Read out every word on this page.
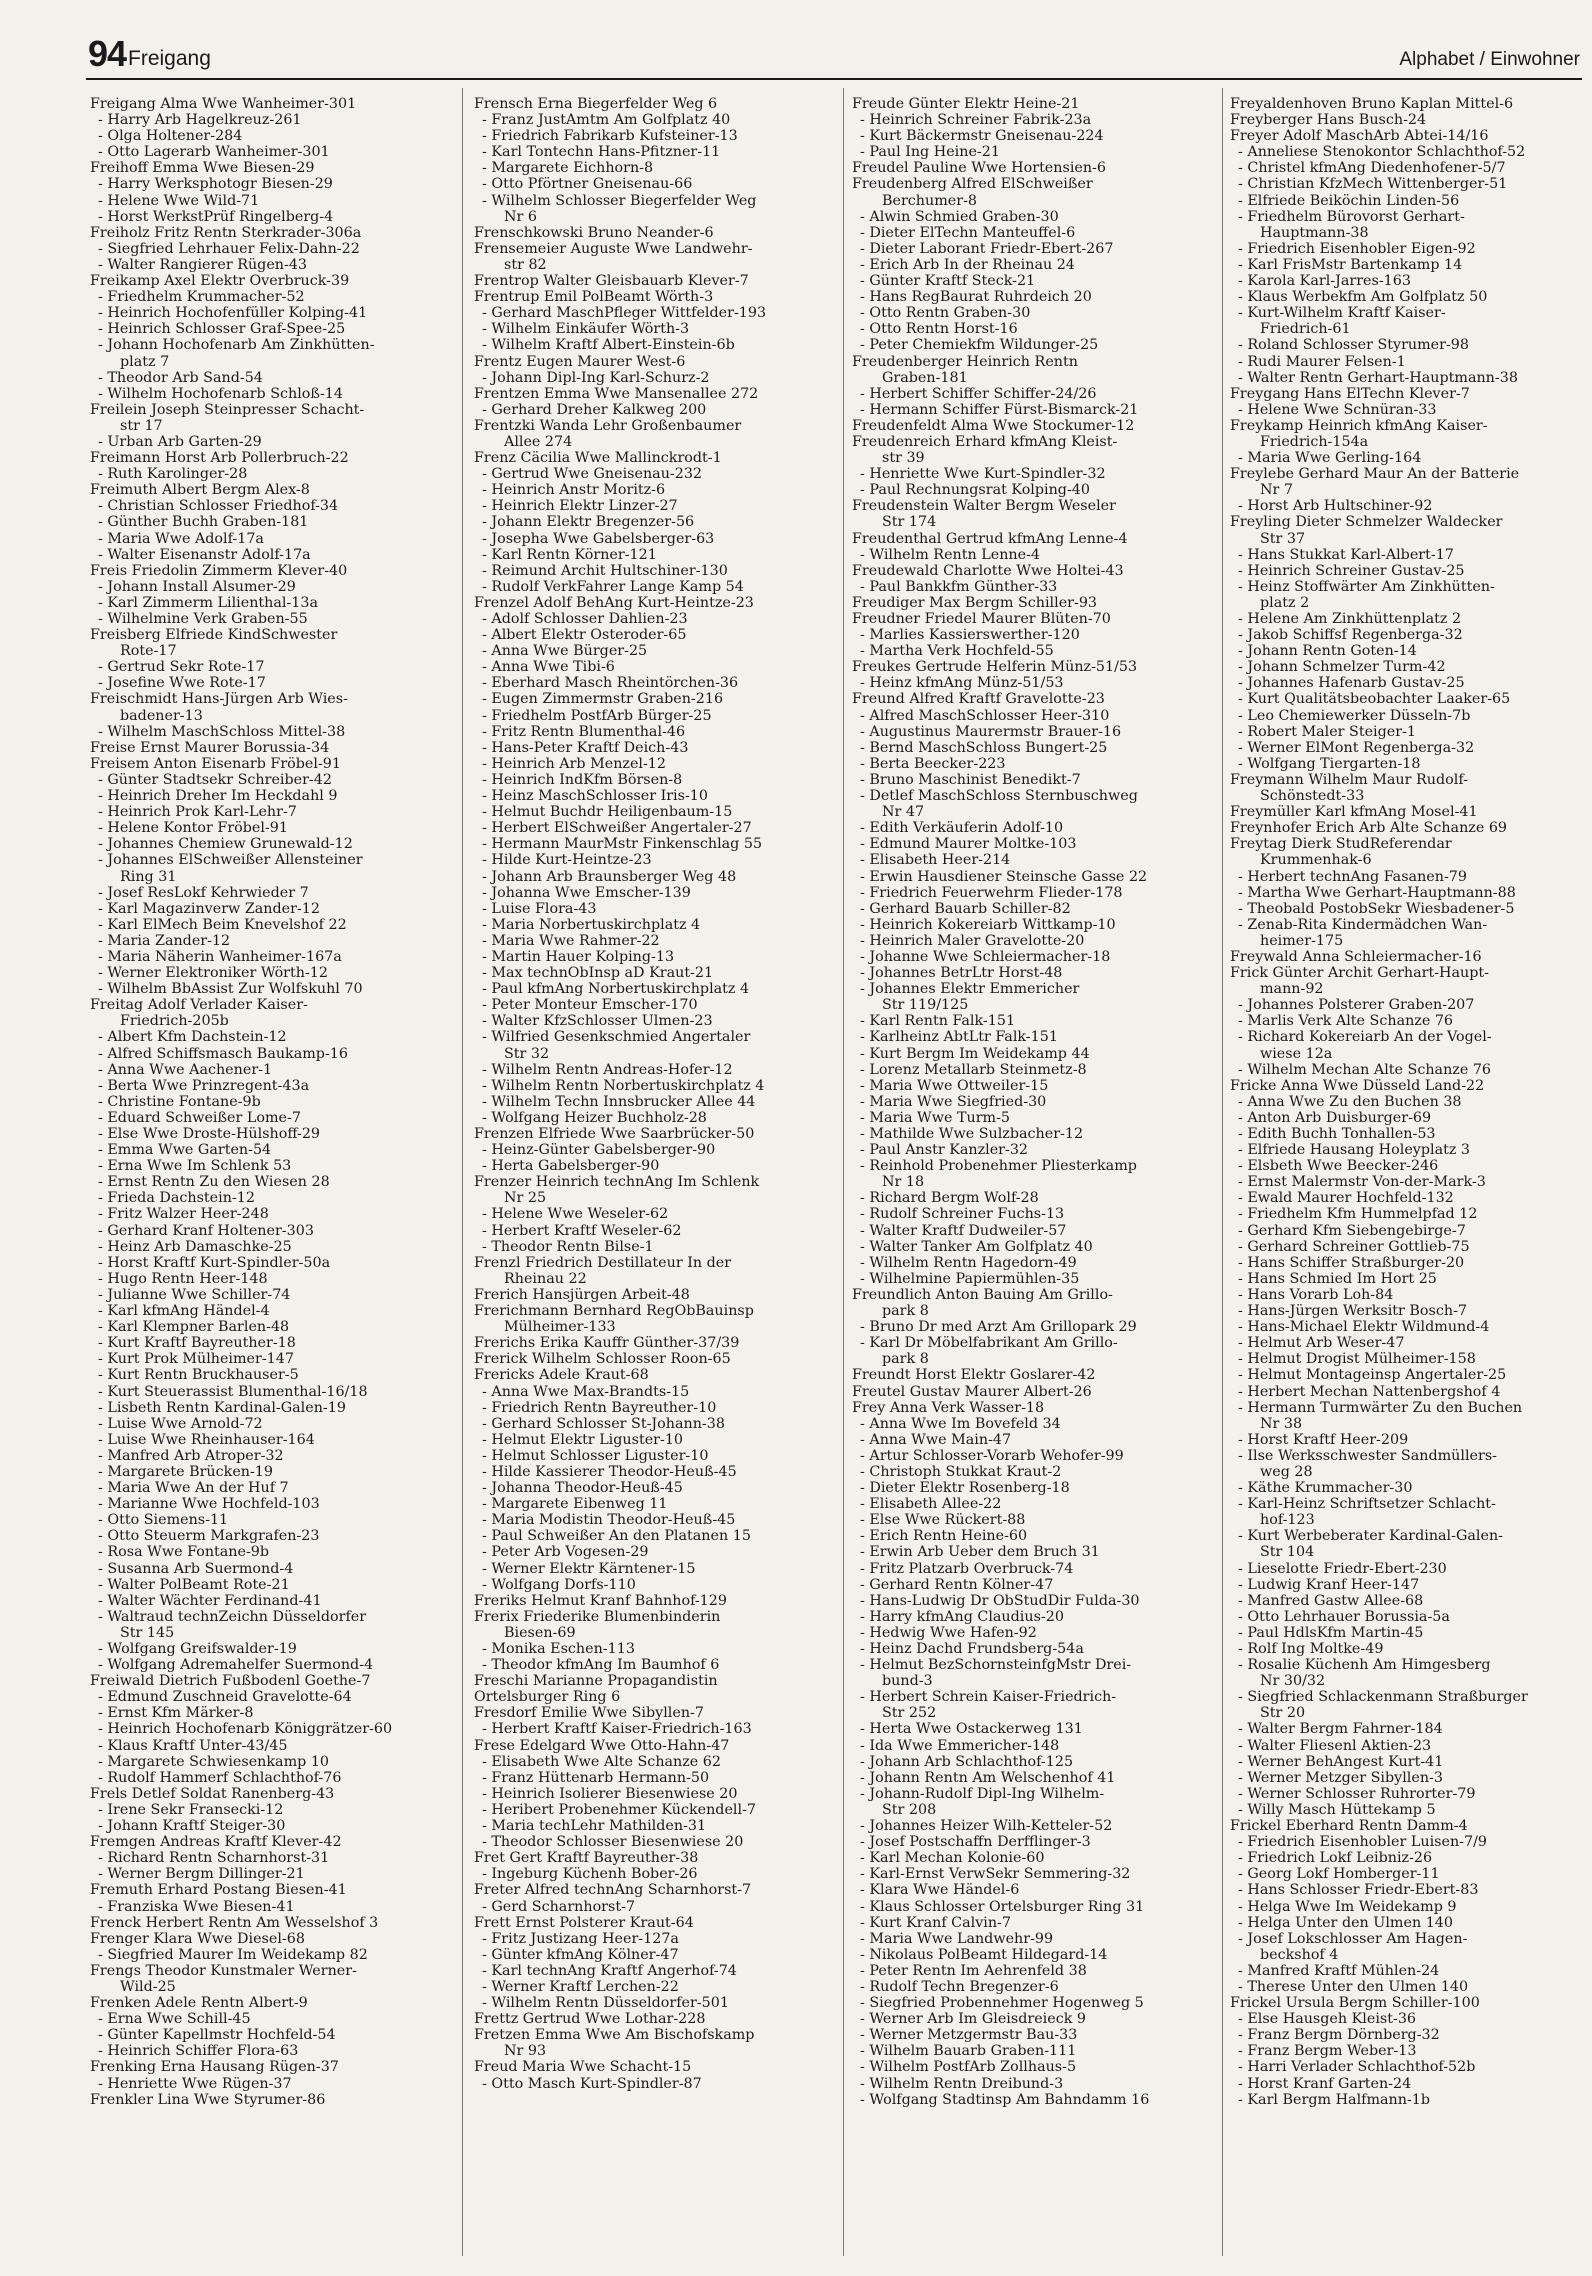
94 Freigang	Alphabet / Einwohner
Freigang Alma Wwe Wanheimer-301
- Harry Arb Hagelkreuz-261
- Olga Holtener-284
- Otto Lagerarb Wanheimer-301
Freihoff Emma Wwe Biesen-29
- Harry Werksphotogr Biesen-29
- Helene Wwe Wild-71
- Horst WerkstPrüf Ringelberg-4
Freiholz Fritz Rentn Sterkrader-306a
- Siegfried Lehrhauer Felix-Dahn-22
- Walter Rangierer Rügen-43
Freikamp Axel Elektr Overbruck-39
- Friedhelm Krummacher-52
- Heinrich Hochofenfüller Kolping-41
- Heinrich Schlosser Graf-Spee-25
- Johann Hochofenarb Am Zinkhütten-
platz 7
- Theodor Arb Sand-54
- Wilhelm Hochofenarb Schloß-14
Freilein Joseph Steinpresser Schacht-
str 17
- Urban Arb Garten-29
Freimann Horst Arb Pollerbruch-22
- Ruth Karolinger-28
Freimuth Albert Bergm Alex-8
- Christian Schlosser Friedhof-34
- Günther Buchh Graben-181
- Maria Wwe Adolf-17a
- Walter Eisenanstr Adolf-17a
Freis Friedolin Zimmerm Klever-40
- Johann Install Alsumer-29
- Karl Zimmerm Lilienthal-13a
- Wilhelmine Verk Graben-55
Freisberg Elfriede KindSchwester
Rote-17
- Gertrud Sekr Rote-17
- Josefine Wwe Rote-17
Freischmidt Hans-Jürgen Arb Wies-
badener-13
- Wilhelm MaschSchloss Mittel-38
Freise Ernst Maurer Borussia-34
Freisem Anton Eisenarb Fröbel-91
- Günter Stadtsekr Schreiber-42
- Heinrich Dreher Im Heckdahl 9
- Heinrich Prok Karl-Lehr-7
- Helene Kontor Fröbel-91
- Johannes Chemiew Grunewald-12
- Johannes ElSchweißer Allensteiner
Ring 31
- Josef ResLokf Kehrwieder 7
- Karl Magazinverw Zander-12
- Karl ElMech Beim Knevelshof 22
- Maria Zander-12
- Maria Näherin Wanheimer-167a
- Werner Elektroniker Wörth-12
- Wilhelm BbAssist Zur Wolfskuhl 70
Freitag Adolf Verlader Kaiser-
Friedrich-205b
- Albert Kfm Dachstein-12
- Alfred Schiffsmasch Baukamp-16
- Anna Wwe Aachener-1
- Berta Wwe Prinzregent-43a
- Christine Fontane-9b
- Eduard Schweißer Lome-7
- Else Wwe Droste-Hülshoff-29
- Emma Wwe Garten-54
- Erna Wwe Im Schlenk 53
- Ernst Rentn Zu den Wiesen 28
- Frieda Dachstein-12
- Fritz Walzer Heer-248
- Gerhard Kranf Holtener-303
- Heinz Arb Damaschke-25
- Horst Kraftf Kurt-Spindler-50a
- Hugo Rentn Heer-148
- Julianne Wwe Schiller-74
- Karl kfmAng Händel-4
- Karl Klempner Barlen-48
- Kurt Kraftf Bayreuther-18
- Kurt Prok Mülheimer-147
- Kurt Rentn Bruckhauser-5
- Kurt Steuerassist Blumenthal-16/18
- Lisbeth Rentn Kardinal-Galen-19
- Luise Wwe Arnold-72
- Luise Wwe Rheinhauser-164
- Manfred Arb Atroper-32
- Margarete Brücken-19
- Maria Wwe An der Huf 7
- Marianne Wwe Hochfeld-103
- Otto Siemens-11
- Otto Steuerm Markgrafen-23
- Rosa Wwe Fontane-9b
- Susanna Arb Suermond-4
- Walter PolBeamt Rote-21
- Walter Wächter Ferdinand-41
- Waltraud technZeichn Düsseldorfer
Str 145
- Wolfgang Greifswalder-19
- Wolfgang Adremahelfer Suermond-4
Freiwald Dietrich Fußbodenl Goethe-7
- Edmund Zuschneid Gravelotte-64
- Ernst Kfm Märker-8
- Heinrich Hochofenarb Königgrätzer-60
- Klaus Kraftf Unter-43/45
- Margarete Schwiesenkamp 10
- Rudolf Hammerf Schlachthof-76
Frels Detlef Soldat Ranenberg-43
- Irene Sekr Fransecki-12
- Johann Kraftf Steiger-30
Fremgen Andreas Kraftf Klever-42
- Richard Rentn Scharnhorst-31
- Werner Bergm Dillinger-21
Fremuth Erhard Postang Biesen-41
- Franziska Wwe Biesen-41
Frenck Herbert Rentn Am Wesselshof 3
Frenger Klara Wwe Diesel-68
- Siegfried Maurer Im Weidekamp 82
Frengs Theodor Kunstmaler Werner-
Wild-25
Frenken Adele Rentn Albert-9
- Erna Wwe Schill-45
- Günter Kapellmstr Hochfeld-54
- Heinrich Schiffer Flora-63
Frenking Erna Hausang Rügen-37
- Henriette Wwe Rügen-37
Frenkler Lina Wwe Styrumer-86
Frensch Erna Biegerfelder Weg 6
- Franz JustAmtm Am Golfplatz 40
- Friedrich Fabrikarb Kufsteiner-13
- Karl Tontechn Hans-Pfitzner-11
- Margarete Eichhorn-8
- Otto Pförtner Gneisenau-66
- Wilhelm Schlosser Biegerfelder Weg
Nr 6
Frenschkowski Bruno Neander-6
Frensemeier Auguste Wwe Landwehr-
str 82
Frentrop Walter Gleisbauarb Klever-7
Frentrup Emil PolBeamt Wörth-3
- Gerhard MaschPfleger Wittfelder-193
- Wilhelm Einkäufer Wörth-3
- Wilhelm Kraftf Albert-Einstein-6b
Frentz Eugen Maurer West-6
- Johann Dipl-Ing Karl-Schurz-2
Frentzen Emma Wwe Mansenallee 272
- Gerhard Dreher Kalkweg 200
Frentzki Wanda Lehr Großenbaumer
Allee 274
Frenz Cäcilia Wwe Mallinckrodt-1
- Gertrud Wwe Gneisenau-232
- Heinrich Anstr Moritz-6
- Heinrich Elektr Linzer-27
- Johann Elektr Bregenzer-56
- Josepha Wwe Gabelsberger-63
- Karl Rentn Körner-121
- Reimund Archit Hultschiner-130
- Rudolf VerkFahrer Lange Kamp 54
Frenzel Adolf BehAng Kurt-Heintze-23
- Adolf Schlosser Dahlien-23
- Albert Elektr Osteroder-65
- Anna Wwe Bürger-25
- Anna Wwe Tibi-6
- Eberhard Masch Rheintörchen-36
- Eugen Zimmermstr Graben-216
- Friedhelm PostfArb Bürger-25
- Fritz Rentn Blumenthal-46
- Hans-Peter Kraftf Deich-43
- Heinrich Arb Menzel-12
- Heinrich IndKfm Börsen-8
- Heinz MaschSchlosser Iris-10
- Helmut Buchdr Heiligenbaum-15
- Herbert ElSchweißer Angertaler-27
- Hermann MaurMstr Finkenschlag 55
- Hilde Kurt-Heintze-23
- Johann Arb Braunsberger Weg 48
- Johanna Wwe Emscher-139
- Luise Flora-43
- Maria Norbertuskirchplatz 4
- Maria Wwe Rahmer-22
- Martin Hauer Kolping-13
- Max technObInsp aD Kraut-21
- Paul kfmAng Norbertuskirchplatz 4
- Peter Monteur Emscher-170
- Walter KfzSchlosser Ulmen-23
- Wilfried Gesenkschmied Angertaler
Str 32
- Wilhelm Rentn Andreas-Hofer-12
- Wilhelm Rentn Norbertuskirchplatz 4
- Wilhelm Techn Innsbrucker Allee 44
- Wolfgang Heizer Buchholz-28
Frenzen Elfriede Wwe Saarbrücker-50
- Heinz-Günter Gabelsberger-90
- Herta Gabelsberger-90
Frenzer Heinrich technAng Im Schlenk
Nr 25
- Helene Wwe Weseler-62
- Herbert Kraftf Weseler-62
- Theodor Rentn Bilse-1
Frenzl Friedrich Destillateur In der
Rheinau 22
Frerich Hansjürgen Arbeit-48
Frerichmann Bernhard RegObBauinsp
Mülheimer-133
Frerichs Erika Kauffr Günther-37/39
Frerick Wilhelm Schlosser Roon-65
Frericks Adele Kraut-68
- Anna Wwe Max-Brandts-15
- Friedrich Rentn Bayreuther-10
- Gerhard Schlosser St-Johann-38
- Helmut Elektr Liguster-10
- Helmut Schlosser Liguster-10
- Hilde Kassierer Theodor-Heuß-45
- Johanna Theodor-Heuß-45
- Margarete Eibenweg 11
- Maria Modistin Theodor-Heuß-45
- Paul Schweißer An den Platanen 15
- Peter Arb Vogesen-29
- Werner Elektr Kärntener-15
- Wolfgang Dorfs-110
Freriks Helmut Kranf Bahnhof-129
Frerix Friederike Blumenbinderin
Biesen-69
- Monika Eschen-113
- Theodor kfmAng Im Baumhof 6
Freschi Marianne Propagandistin
Ortelsburger Ring 6
Fresdorf Emilie Wwe Sibyllen-7
- Herbert Kraftf Kaiser-Friedrich-163
Frese Edelgard Wwe Otto-Hahn-47
- Elisabeth Wwe Alte Schanze 62
- Franz Hüttenarb Hermann-50
- Heinrich Isolierer Biesenwiese 20
- Heribert Probenehmer Kückendell-7
- Maria techLehr Mathilden-31
- Theodor Schlosser Biesenwiese 20
Fret Gert Kraftf Bayreuther-38
- Ingeburg Küchenh Bober-26
Freter Alfred technAng Scharnhorst-7
- Gerd Scharnhorst-7
Frett Ernst Polsterer Kraut-64
- Fritz Justizang Heer-127a
- Günter kfmAng Kölner-47
- Karl technAng Kraftf Angerhof-74
- Werner Kraftf Lerchen-22
- Wilhelm Rentn Düsseldorfer-501
Frettz Gertrud Wwe Lothar-228
Fretzen Emma Wwe Am Bischofskamp
Nr 93
Freud Maria Wwe Schacht-15
- Otto Masch Kurt-Spindler-87
Freude Günter Elektr Heine-21
- Heinrich Schreiner Fabrik-23a
- Kurt Bäckermstr Gneisenau-224
- Paul Ing Heine-21
Freudel Pauline Wwe Hortensien-6
Freudenberg Alfred ElSchweißer
Berchumer-8
- Alwin Schmied Graben-30
- Dieter ElTechn Manteuffel-6
- Dieter Laborant Friedr-Ebert-267
- Erich Arb In der Rheinau 24
- Günter Kraftf Steck-21
- Hans RegBaurat Ruhrdeich 20
- Otto Rentn Graben-30
- Otto Rentn Horst-16
- Peter Chemiekfm Wildunger-25
Freudenberger Heinrich Rentn
Graben-181
- Herbert Schiffer Schiffer-24/26
- Hermann Schiffer Fürst-Bismarck-21
Freudenfeldt Alma Wwe Stockumer-12
Freudenreich Erhard kfmAng Kleist-
str 39
- Henriette Wwe Kurt-Spindler-32
- Paul Rechnungsrat Kolping-40
Freudenstein Walter Bergm Weseler
Str 174
Freudenthal Gertrud kfmAng Lenne-4
- Wilhelm Rentn Lenne-4
Freudewald Charlotte Wwe Holtei-43
- Paul Bankkfm Günther-33
Freudiger Max Bergm Schiller-93
Freudner Friedel Maurer Blüten-70
- Marlies Kassierswerther-120
- Martha Verk Hochfeld-55
Freukes Gertrude Helferin Münz-51/53
- Heinz kfmAng Münz-51/53
Freund Alfred Kraftf Gravelotte-23
- Alfred MaschSchlosser Heer-310
- Augustinus Maurermstr Brauer-16
- Bernd MaschSchloss Bungert-25
- Berta Beecker-223
- Bruno Maschinist Benedikt-7
- Detlef MaschSchloss Sternbuschweg
Nr 47
- Edith Verkäuferin Adolf-10
- Edmund Maurer Moltke-103
- Elisabeth Heer-214
- Erwin Hausdiener Steinsche Gasse 22
- Friedrich Feuerwehrm Flieder-178
- Gerhard Bauarb Schiller-82
- Heinrich Kokereiarb Wittkamp-10
- Heinrich Maler Gravelotte-20
- Johanne Wwe Schleiermacher-18
- Johannes BetrLtr Horst-48
- Johannes Elektr Emmericher
Str 119/125
- Karl Rentn Falk-151
- Karlheinz AbtLtr Falk-151
- Kurt Bergm Im Weidekamp 44
- Lorenz Metallarb Steinmetz-8
- Maria Wwe Ottweiler-15
- Maria Wwe Siegfried-30
- Maria Wwe Turm-5
- Mathilde Wwe Sulzbacher-12
- Paul Anstr Kanzler-32
- Reinhold Probenehmer Pliesterkamp
Nr 18
- Richard Bergm Wolf-28
- Rudolf Schreiner Fuchs-13
- Walter Kraftf Dudweiler-57
- Walter Tanker Am Golfplatz 40
- Wilhelm Rentn Hagedorn-49
- Wilhelmine Papiermühlen-35
Freundlich Anton Bauing Am Grillo-
park 8
- Bruno Dr med Arzt Am Grillopark 29
- Karl Dr Möbelfabrikant Am Grillo-
park 8
Freundt Horst Elektr Goslarer-42
Freutel Gustav Maurer Albert-26
Frey Anna Verk Wasser-18
- Anna Wwe Im Bovefeld 34
- Anna Wwe Main-47
- Artur Schlosser-Vorarb Wehofer-99
- Christoph Stukkat Kraut-2
- Dieter Elektr Rosenberg-18
- Elisabeth Allee-22
- Else Wwe Rückert-88
- Erich Rentn Heine-60
- Erwin Arb Ueber dem Bruch 31
- Fritz Platzarb Overbruck-74
- Gerhard Rentn Kölner-47
- Hans-Ludwig Dr ObStudDir Fulda-30
- Harry kfmAng Claudius-20
- Hedwig Wwe Hafen-92
- Heinz Dachd Frundsberg-54a
- Helmut BezSchornsteinfgMstr Drei-
bund-3
- Herbert Schrein Kaiser-Friedrich-
Str 252
- Herta Wwe Ostackerweg 131
- Ida Wwe Emmericher-148
- Johann Arb Schlachthof-125
- Johann Rentn Am Welschenhof 41
- Johann-Rudolf Dipl-Ing Wilhelm-
Str 208
- Johannes Heizer Wilh-Ketteler-52
- Josef Postschaffn Derfflinger-3
- Karl Mechan Kolonie-60
- Karl-Ernst VerwSekr Semmering-32
- Klara Wwe Händel-6
- Klaus Schlosser Ortelsburger Ring 31
- Kurt Kranf Calvin-7
- Maria Wwe Landwehr-99
- Nikolaus PolBeamt Hildegard-14
- Peter Rentn Im Aehrenfeld 38
- Rudolf Techn Bregenzer-6
- Siegfried Probennehmer Hogenweg 5
- Werner Arb Im Gleisdreieck 9
- Werner Metzgermstr Bau-33
- Wilhelm Bauarb Graben-111
- Wilhelm PostfArb Zollhaus-5
- Wilhelm Rentn Dreibund-3
- Wolfgang Stadtinsp Am Bahndamm 16
Freyaldenhoven Bruno Kaplan Mittel-6
Freyberger Hans Busch-24
Freyer Adolf MaschArb Abtei-14/16
- Anneliese Stenokontor Schlachthof-52
- Christel kfmAng Diedenhofener-5/7
- Christian KfzMech Wittenberger-51
- Elfriede Beiköchin Linden-56
- Friedhelm Bürovorst Gerhart-
Hauptmann-38
- Friedrich Eisenhobler Eigen-92
- Karl FrisMstr Bartenkamp 14
- Karola Karl-Jarres-163
- Klaus Werbekfm Am Golfplatz 50
- Kurt-Wilhelm Kraftf Kaiser-
Friedrich-61
- Roland Schlosser Styrumer-98
- Rudi Maurer Felsen-1
- Walter Rentn Gerhart-Hauptmann-38
Freygang Hans ElTechn Klever-7
- Helene Wwe Schnüran-33
Freykamp Heinrich kfmAng Kaiser-
Friedrich-154a
- Maria Wwe Gerling-164
Freylebe Gerhard Maur An der Batterie
Nr 7
- Horst Arb Hultschiner-92
Freyling Dieter Schmelzer Waldecker
Str 37
- Hans Stukkat Karl-Albert-17
- Heinrich Schreiner Gustav-25
- Heinz Stoffwärter Am Zinkhütten-
platz 2
- Helene Am Zinkhüttenplatz 2
- Jakob Schiffsf Regenberga-32
- Johann Rentn Goten-14
- Johann Schmelzer Turm-42
- Johannes Hafenarb Gustav-25
- Kurt Qualitätsbeobachter Laaker-65
- Leo Chemiewerker Düsseln-7b
- Robert Maler Steiger-1
- Werner ElMont Regenberga-32
- Wolfgang Tiergarten-18
Freymann Wilhelm Maur Rudolf-
Schönstedt-33
Freymüller Karl kfmAng Mosel-41
Freynhofer Erich Arb Alte Schanze 69
Freytag Dierk StudReferendar
Krummenhak-6
- Herbert technAng Fasanen-79
- Martha Wwe Gerhart-Hauptmann-88
- Theobald PostobSekr Wiesbadener-5
- Zenab-Rita Kindermädchen Wan-
heimer-175
Freywald Anna Schleiermacher-16
Frick Günter Archit Gerhart-Haupt-
mann-92
- Johannes Polsterer Graben-207
- Marlis Verk Alte Schanze 76
- Richard Kokereiarb An der Vogel-
wiese 12a
- Wilhelm Mechan Alte Schanze 76
Fricke Anna Wwe Düsseld Land-22
- Anna Wwe Zu den Buchen 38
- Anton Arb Duisburger-69
- Edith Buchh Tonhallen-53
- Elfriede Hausang Holeyplatz 3
- Elsbeth Wwe Beecker-246
- Ernst Malermstr Von-der-Mark-3
- Ewald Maurer Hochfeld-132
- Friedhelm Kfm Hummelpfad 12
- Gerhard Kfm Siebengebirge-7
- Gerhard Schreiner Gottlieb-75
- Hans Schiffer Straßburger-20
- Hans Schmied Im Hort 25
- Hans Vorarb Loh-84
- Hans-Jürgen Werksitr Bosch-7
- Hans-Michael Elektr Wildmund-4
- Helmut Arb Weser-47
- Helmut Drogist Mülheimer-158
- Helmut Montageinsp Angertaler-25
- Herbert Mechan Nattenbergshof 4
- Hermann Turmwärter Zu den Buchen
Nr 38
- Horst Kraftf Heer-209
- Ilse Werksschwester Sandmüllers-
weg 28
- Käthe Krummacher-30
- Karl-Heinz Schriftsetzer Schlacht-
hof-123
- Kurt Werbeberater Kardinal-Galen-
Str 104
- Lieselotte Friedr-Ebert-230
- Ludwig Kranf Heer-147
- Manfred Gastw Allee-68
- Otto Lehrhauer Borussia-5a
- Paul HdlsKfm Martin-45
- Rolf Ing Moltke-49
- Rosalie Küchenh Am Himgesberg
Nr 30/32
- Siegfried Schlackenmann Straßburger
Str 20
- Walter Bergm Fahrner-184
- Walter Fliesenl Aktien-23
- Werner BehAngest Kurt-41
- Werner Metzger Sibyllen-3
- Werner Schlosser Ruhrorter-79
- Willy Masch Hüttekamp 5
Frickel Eberhard Rentn Damm-4
- Friedrich Eisenhobler Luisen-7/9
- Friedrich Lokf Leibniz-26
- Georg Lokf Homberger-11
- Hans Schlosser Friedr-Ebert-83
- Helga Wwe Im Weidekamp 9
- Helga Unter den Ulmen 140
- Josef Lokschlosser Am Hagen-
beckshof 4
- Manfred Kraftf Mühlen-24
- Therese Unter den Ulmen 140
Frickel Ursula Bergm Schiller-100
- Else Hausgeh Kleist-36
- Franz Bergm Dörnberg-32
- Franz Bergm Weber-13
- Harri Verlader Schlachthof-52b
- Horst Kranf Garten-24
- Karl Bergm Halfmann-1b
